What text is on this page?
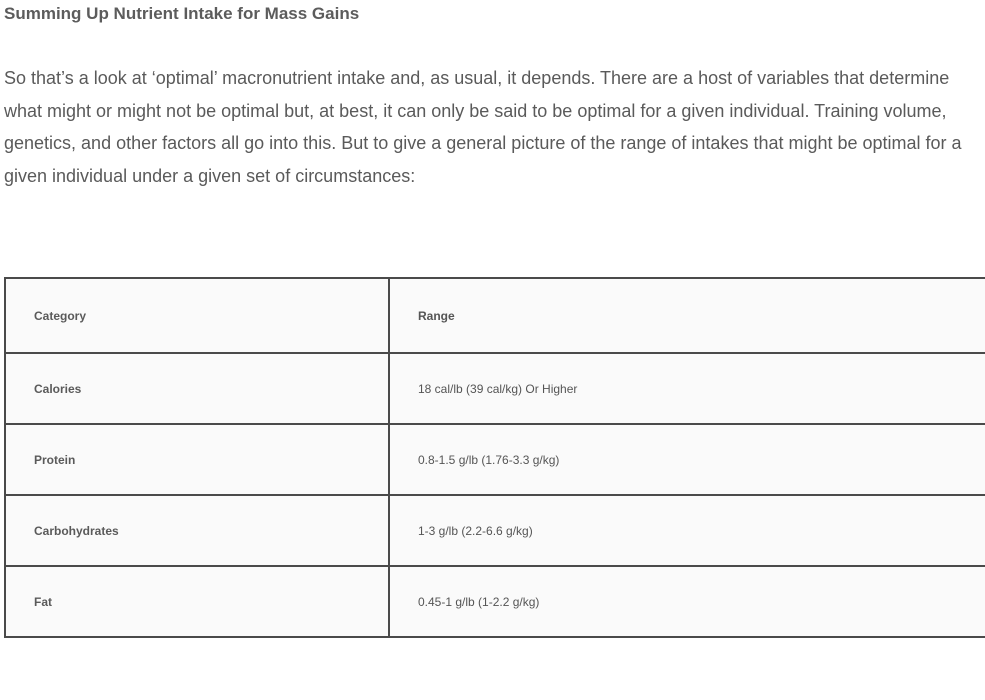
Summing Up Nutrient Intake for Mass Gains

So that’s a look at ‘optimal’ macronutrient intake and, as usual, it depends. There are a host of variables that determine what might or might not be optimal but, at best, it can only be said to be optimal for a given individual. Training volume, genetics, and other factors all go into this. But to give a general picture of the range of intakes that might be optimal for a given individual under a given set of circumstances:

Category	Range
Calories	18 cal/lb (39 cal/kg) Or Higher
Protein	0.8-1.5 g/lb (1.76-3.3 g/kg)
Carbohydrates	1-3 g/lb (2.2-6.6 g/kg)
Fat	0.45-1 g/lb (1-2.2 g/kg)
